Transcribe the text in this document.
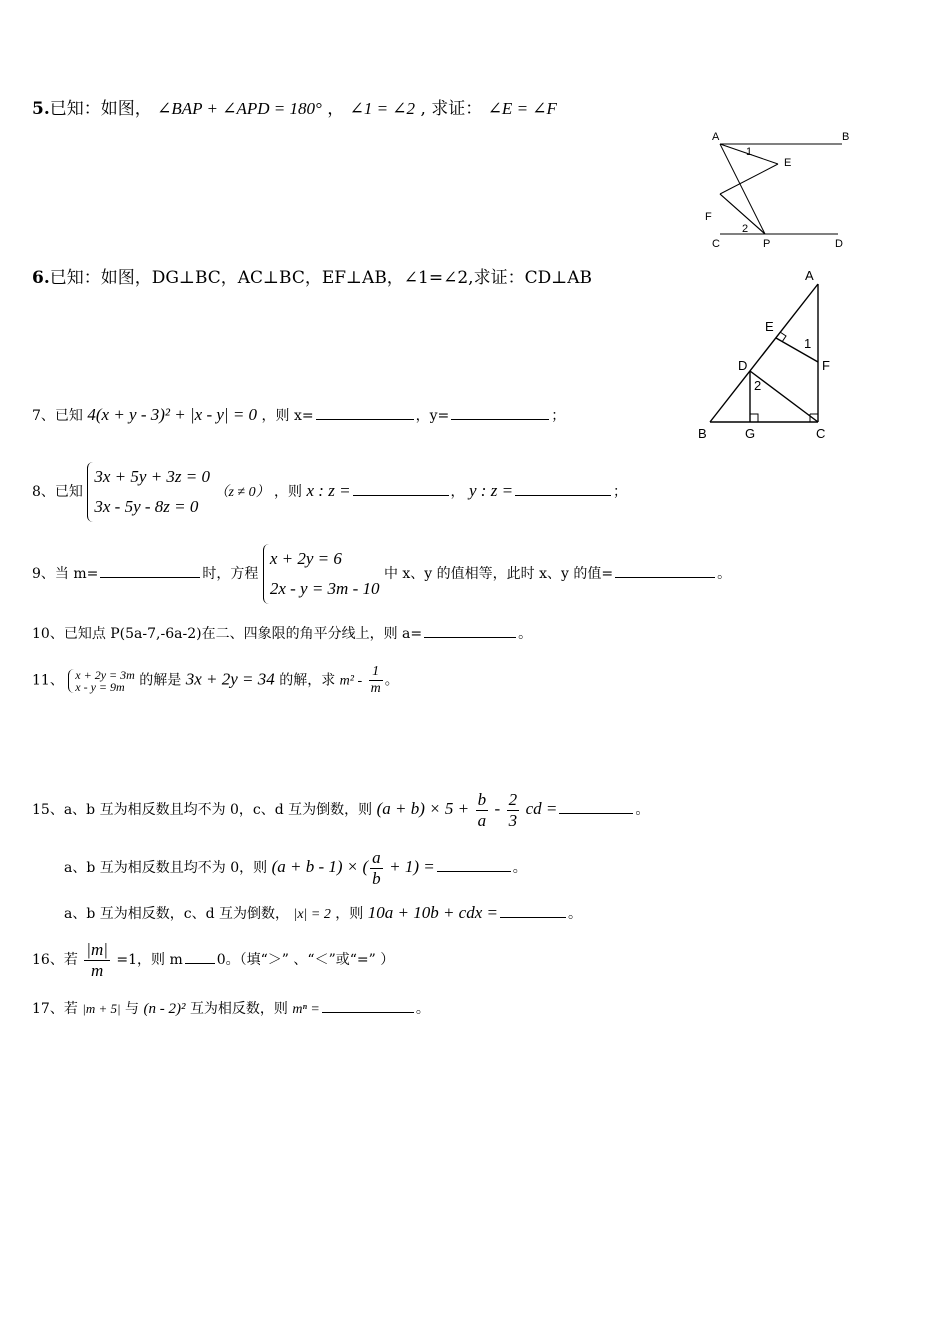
5.已知：如图， ∠BAP + ∠APD = 180° ， ∠1 = ∠2 , 求证： ∠E = ∠F
A	B
E
F
C	P	D
1
2
6.已知：如图，DG⊥BC，AC⊥BC，EF⊥AB，∠1=∠2,求证：CD⊥AB	A
E
1
F
D
2
B	G	C
7、已知 4(x + y - 3)² + |x - y| = 0 ，则 x=	，y=	；
8、已知
3x + 5y + 3z = 0
3x - 5y - 8z = 0
（z ≠ 0） ，则 x : z =	， y : z =	；
9、当 m=	时，方程
x + 2y = 6
2x - y = 3m - 10
中 x、y 的值相等，此时 x、y 的值=	。
10、已知点 P(5a-7,-6a-2)在二、四象限的角平分线上，则 a=	。
11、 x + 2y = 3m
x - y = 9m	的解是 3x + 2y = 34 的解，求 $m^2 - \frac{1}{m}$ 。
15、a、b 互为相反数且均不为 0，c、d 互为倒数，则 $(a + b) \times 5 + \frac{b}{a} - \frac{2}{3}$ cd =	。
a、b 互为相反数且均不为 0，则 (a + b - 1) × ( $\frac{a}{b} + 1$) =	。
a、b 互为相反数，c、d 互为倒数， |x| = 2 ，则 10a + 10b + cdx =	。
16、若 $\frac{|m|}{m} =1$，则 m 0。（填“＞” 、“＜”或“=” ）
17、若 |m + 5| 与 (n - 2)² 互为相反数，则 mⁿ =	。
